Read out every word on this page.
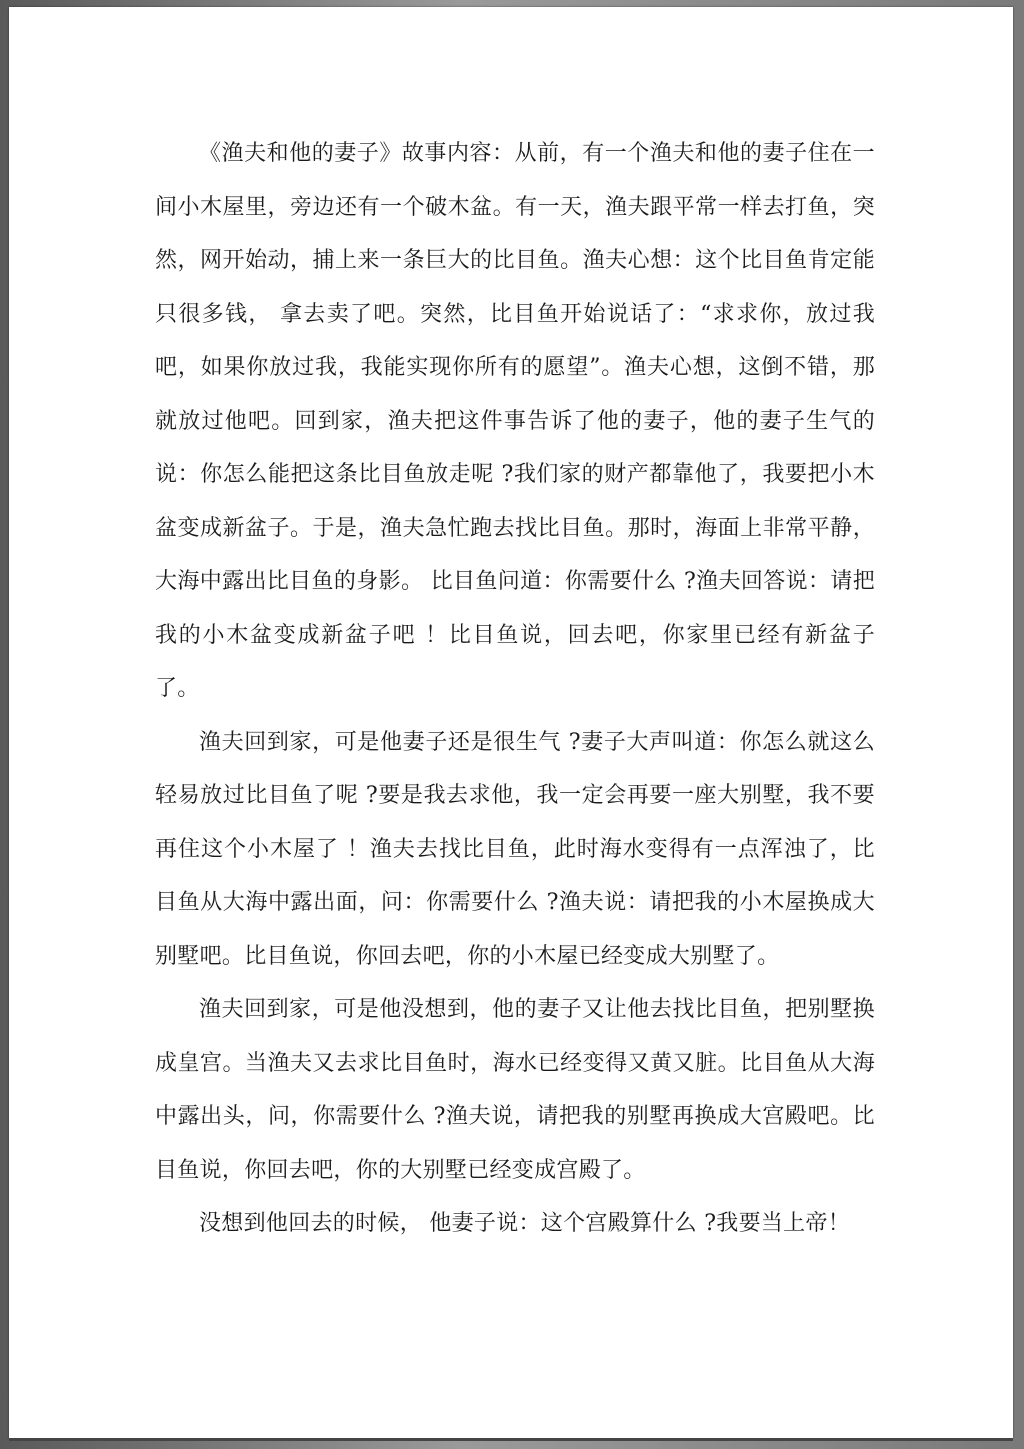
《渔夫和他的妻子》故事内容：从前，有一个渔夫和他的妻子住在一间小木屋里，旁边还有一个破木盆。有一天，渔夫跟平常一样去打鱼，突然，网开始动，捕上来一条巨大的比目鱼。渔夫心想：这个比目鱼肯定能只很多钱， 拿去卖了吧。突然，比目鱼开始说话了：“求求你，放过我吧，如果你放过我，我能实现你所有的愿望”。渔夫心想，这倒不错，那就放过他吧。回到家，渔夫把这件事告诉了他的妻子，他的妻子生气的说：你怎么能把这条比目鱼放走呢 ?我们家的财产都靠他了，我要把小木盆变成新盆子。于是，渔夫急忙跑去找比目鱼。那时，海面上非常平静， 大海中露出比目鱼的身影。 比目鱼问道：你需要什么 ?渔夫回答说：请把我的小木盆变成新盆子吧 ！比目鱼说，回去吧，你家里已经有新盆子了。

渔夫回到家，可是他妻子还是很生气 ?妻子大声叫道：你怎么就这么轻易放过比目鱼了呢 ?要是我去求他，我一定会再要一座大别墅，我不要再住这个小木屋了 ！渔夫去找比目鱼，此时海水变得有一点浑浊了，比目鱼从大海中露出面，问：你需要什么 ?渔夫说：请把我的小木屋换成大别墅吧。比目鱼说，你回去吧，你的小木屋已经变成大别墅了。

渔夫回到家，可是他没想到，他的妻子又让他去找比目鱼，把别墅换成皇宫。当渔夫又去求比目鱼时，海水已经变得又黄又脏。比目鱼从大海中露出头，问，你需要什么 ?渔夫说，请把我的别墅再换成大宫殿吧。比目鱼说，你回去吧，你的大别墅已经变成宫殿了。

没想到他回去的时候， 他妻子说：这个宫殿算什么 ?我要当上帝！
